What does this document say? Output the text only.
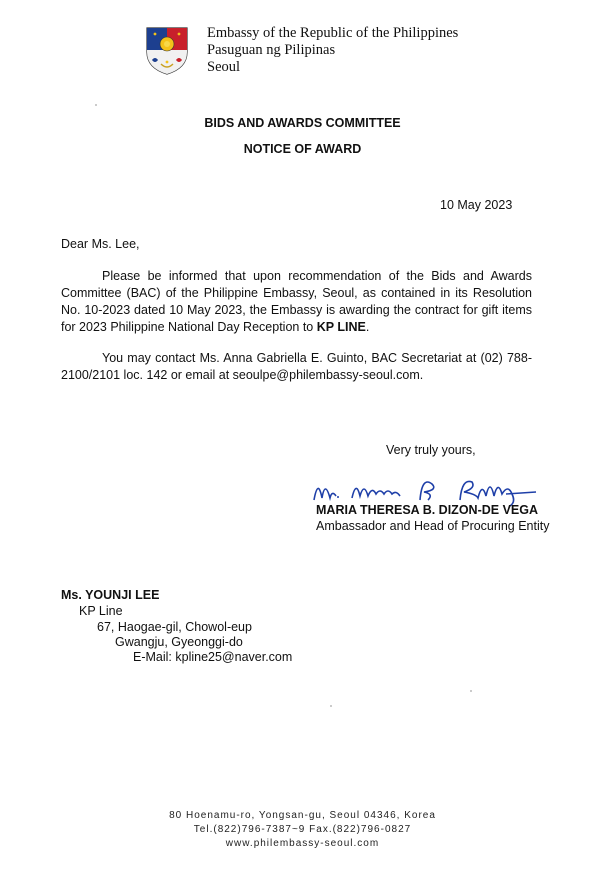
Embassy of the Republic of the Philippines
Pasuguan ng Pilipinas
Seoul
BIDS AND AWARDS COMMITTEE
NOTICE OF AWARD
10 May 2023
Dear Ms. Lee,
Please be informed that upon recommendation of the Bids and Awards Committee (BAC) of the Philippine Embassy, Seoul, as contained in its Resolution No. 10-2023 dated 10 May 2023, the Embassy is awarding the contract for gift items for 2023 Philippine National Day Reception to KP LINE.
You may contact Ms. Anna Gabriella E. Guinto, BAC Secretariat at (02) 788-2100/2101 loc. 142 or email at seoulpe@philembassy-seoul.com.
Very truly yours,
MARIA THERESA B. DIZON-DE VEGA
Ambassador and Head of Procuring Entity
Ms. YOUNJI LEE
KP Line
67, Haogae-gil, Chowol-eup
Gwangju, Gyeonggi-do
E-Mail: kpline25@naver.com
80 Hoenamu-ro, Yongsan-gu, Seoul 04346, Korea
Tel.(822)796-7387~9 Fax.(822)796-0827
www.philembassy-seoul.com
